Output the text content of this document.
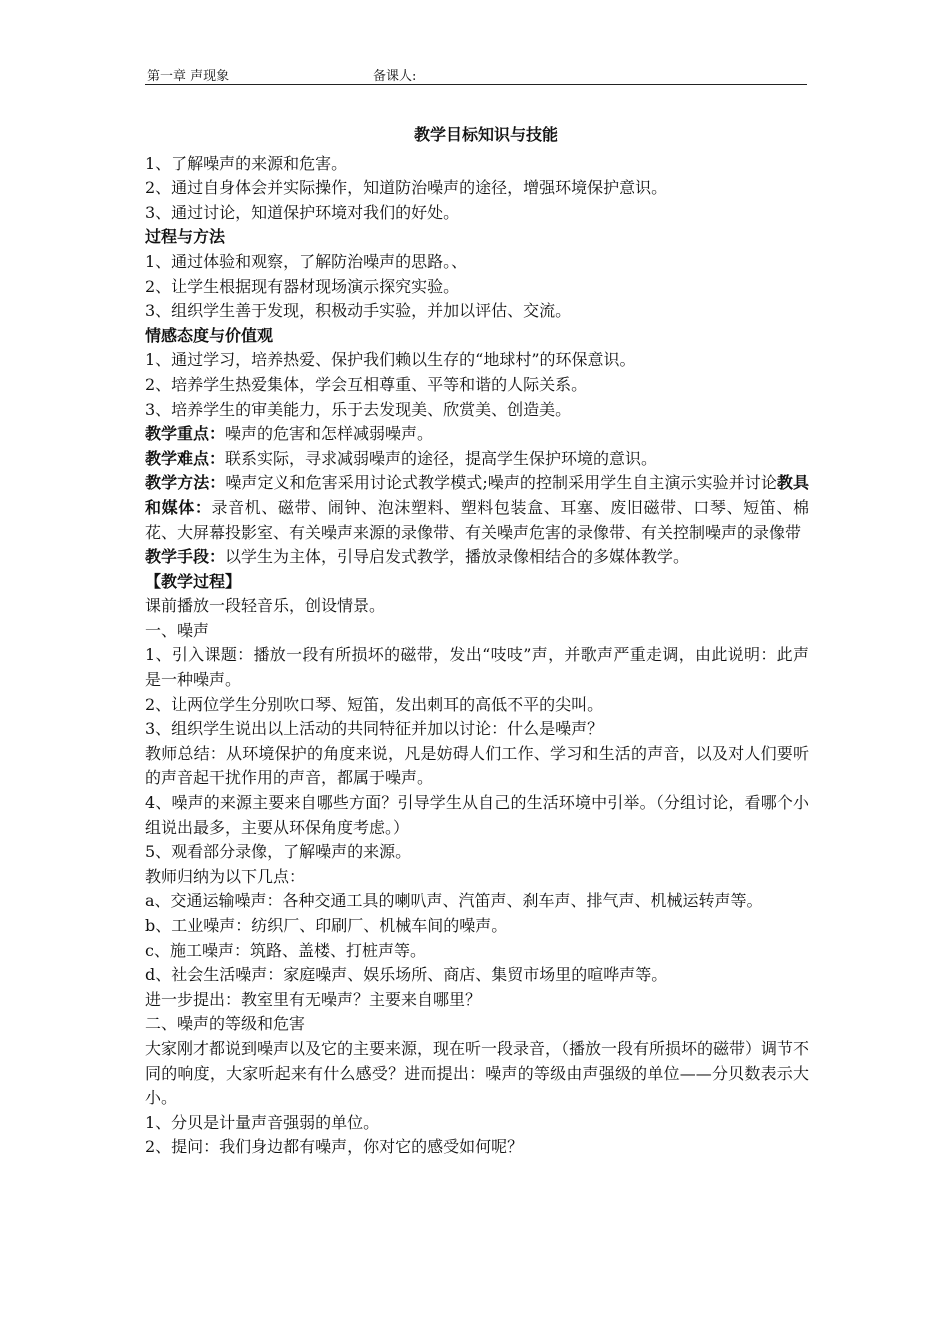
第一章 声现象	备课人:

教学目标知识与技能

1、了解噪声的来源和危害。

2、通过自身体会并实际操作，知道防治噪声的途径，增强环境保护意识。

3、通过讨论，知道保护环境对我们的好处。

过程与方法

1、通过体验和观察，了解防治噪声的思路。、

2、让学生根据现有器材现场演示探究实验。

3、组织学生善于发现，积极动手实验，并加以评估、交流。

情感态度与价值观

1、通过学习，培养热爱、保护我们赖以生存的“地球村”的环保意识。

2、培养学生热爱集体，学会互相尊重、平等和谐的人际关系。

3、培养学生的审美能力，乐于去发现美、欣赏美、创造美。

教学重点：噪声的危害和怎样减弱噪声。

教学难点：联系实际，寻求减弱噪声的途径，提高学生保护环境的意识。

教学方法：噪声定义和危害采用讨论式教学模式;噪声的控制采用学生自主演示实验并讨论教具和媒体：录音机、磁带、闹钟、泡沫塑料、塑料包装盒、耳塞、废旧磁带、口琴、短笛、棉花、大屏幕投影室、有关噪声来源的录像带、有关噪声危害的录像带、有关控制噪声的录像带

教学手段：以学生为主体，引导启发式教学，播放录像相结合的多媒体教学。

【教学过程】

课前播放一段轻音乐，创设情景。

一、噪声

1、引入课题：播放一段有所损坏的磁带，发出“吱吱”声，并歌声严重走调，由此说明：此声是一种噪声。

2、让两位学生分别吹口琴、短笛，发出刺耳的高低不平的尖叫。

3、组织学生说出以上活动的共同特征并加以讨论：什么是噪声？

教师总结：从环境保护的角度来说，凡是妨碍人们工作、学习和生活的声音，以及对人们要听的声音起干扰作用的声音，都属于噪声。

4、噪声的来源主要来自哪些方面？引导学生从自己的生活环境中引举。（分组讨论，看哪个小组说出最多，主要从环保角度考虑。）

5、观看部分录像，了解噪声的来源。

教师归纳为以下几点：

a、交通运输噪声：各种交通工具的喇叭声、汽笛声、刹车声、排气声、机械运转声等。

b、工业噪声：纺织厂、印刷厂、机械车间的噪声。

c、施工噪声：筑路、盖楼、打桩声等。

d、社会生活噪声：家庭噪声、娱乐场所、商店、集贸市场里的喧哗声等。

进一步提出：教室里有无噪声？主要来自哪里？

二、噪声的等级和危害

大家刚才都说到噪声以及它的主要来源，现在听一段录音，（播放一段有所损坏的磁带）调节不同的响度，大家听起来有什么感受？进而提出：噪声的等级由声强级的单位——分贝数表示大小。

1、分贝是计量声音强弱的单位。

2、提问：我们身边都有噪声，你对它的感受如何呢？
